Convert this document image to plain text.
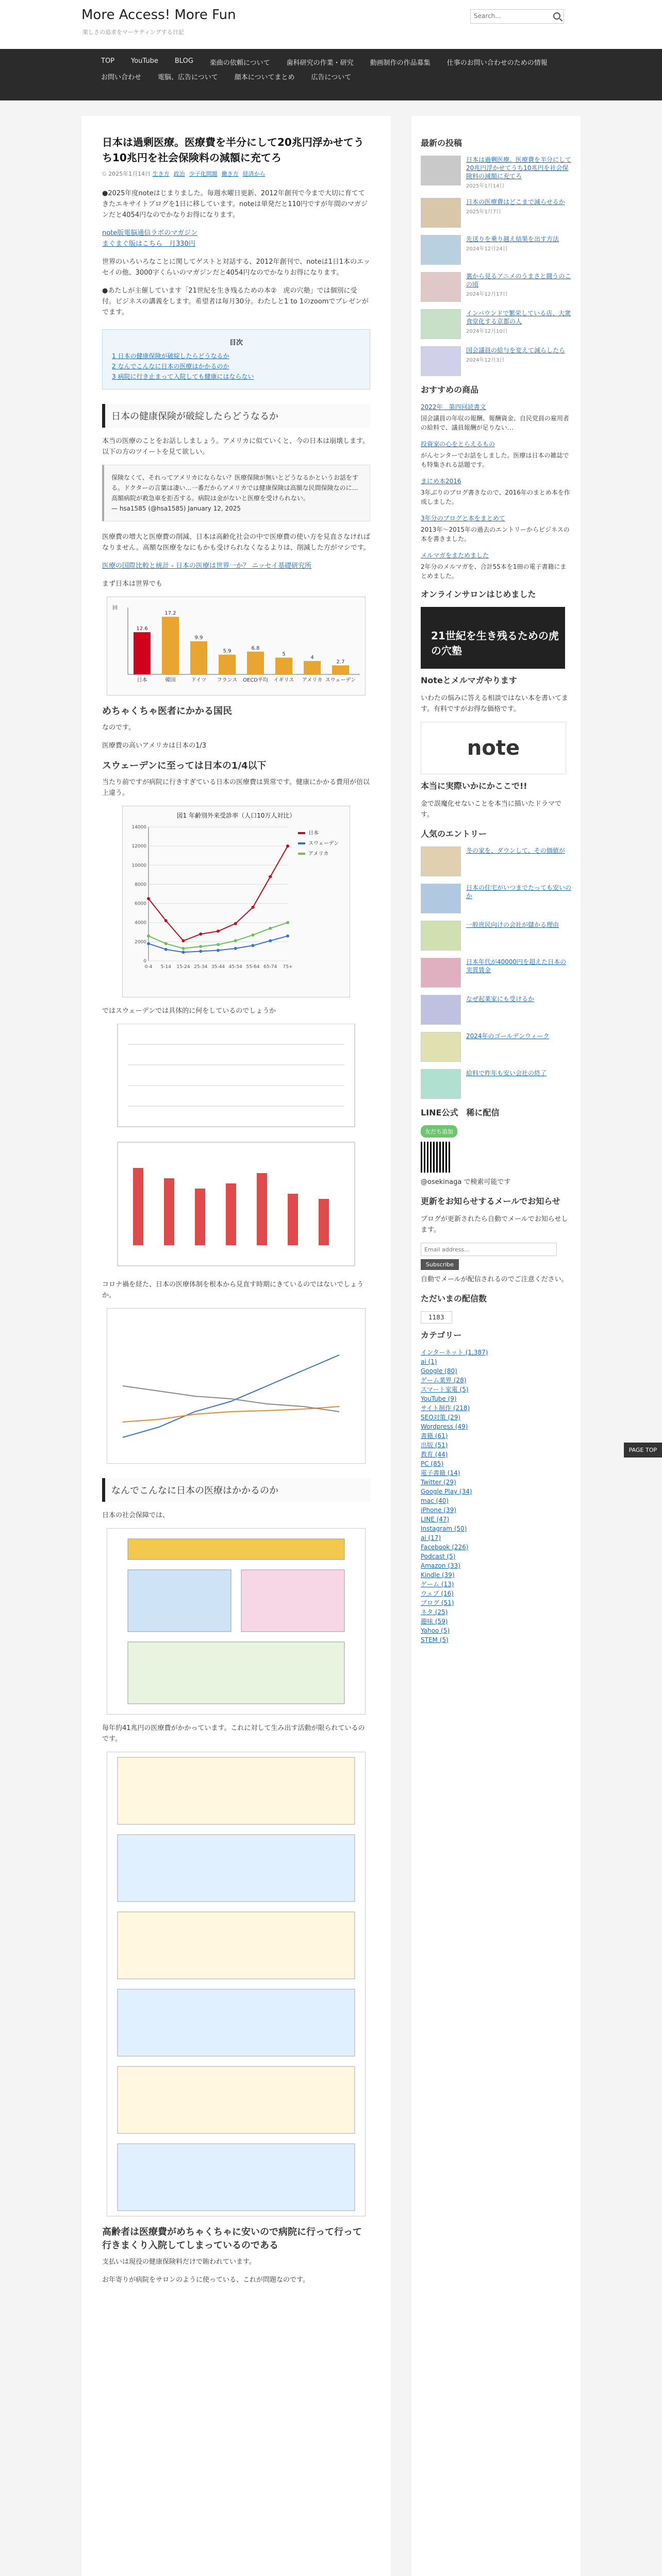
More Access! More Fun
楽しさの追求をマーケティングする日記
Search...
TOP	YouTube	BLOG	楽曲の依頼について	歯科研究の作業・研究	動画制作の作品募集	仕事のお問い合わせのための情報
お問い合わせ	電脳、広告について	顔本についてまとめ	広告について
日本は過剰医療。医療費を半分にして20兆円浮かせてうち10兆円を社会保険料の減額に充てろ
⏲ 2025年1月14日 生き方 政治 少子化問題 働き方 経済から

●2025年度noteはじまりました。毎週水曜日更新、2012年創刊で今まで大切に育ててきたエキサイトブログを1日に移しています。noteは単発だと110円ですが年間のマガジンだと4054円なのでかなりお得になります。

note版電脳通信ラボのマガジン
まぐまぐ版はこちら　月330円

世界のいろいろなことに関してゲストと対話する、2012年創刊で、noteは1日1本のエッセイの他、3000字くらいのマガジンだと4054円なのでかなりお得になります。

●あたしが主催しています「21世紀を生き残るための本②　虎の穴塾」では個別に受付。ビジネスの講義をします。希望者は毎月30分。わたしと1 to 1のzoomでプレゼンがでます。

目次
1 日本の健康保険が破綻したらどうなるか
2 なんでこんなに日本の医療はかかるのか
3 病院に行き止まって入院しても健康にはならない
日本の健康保険が破綻したらどうなるか

本当の医療のことをお話ししましょう。アメリカに似ていくと、今の日本は崩壊します。以下の方のツイートを見て欲しい。

保険なくて、それってアメリカにならない？医療保険が無いとどうなるかというお話をする。ドクターの言葉は凄い…一番だからアメリカでは健康保険は高額な民間保険なのに…高額病院が救急車を拒否する。病院は金がないと医療を受けられない。
— hsa1585 (@hsa1585) January 12, 2025

医療費の増大と医療費の削減、日本は高齢化社会の中で医療費の使い方を見直さなければなりません。高額な医療をなにもかも受けられなくなるよりは、削減した方がマシです。

医療の国際比較と統計 - 日本の医療は世界一か？ ニッセイ基礎研究所

まず日本は世界でも

日本
12.6
韓国
17.2
ドイツ
9.9
フランス
5.9
OECD平均
6.8
イギリス
5
アメリカ
4
スウェーデン
2.7
回
めちゃくちゃ医者にかかる国民

なのです。

医療費の高いアメリカは日本の1/3

スウェーデンに至っては日本の1/4以下

当たり前ですが病院に行きすぎている日本の医療費は異常です。健康にかかる費用が倍以上違う。

図1 年齢別外来受診率（人口10万人対比）
0
2000
4000
6000
8000
10000
12000
14000
0-4 5-14 15-24 25-34 35-44 45-54 55-64 65-74 75+
日本
スウェーデン
アメリカ

ではスウェーデンでは具体的に何をしているのでしょうか

コロナ禍を経た、日本の医療体制を根本から見直す時期にきているのではないでしょうか。

なんでこんなに日本の医療はかかるのか

日本の社会保障では、

毎年約41兆円の医療費がかかっています。これに対して生み出す活動が限られているのです。

高齢者は医療費がめちゃくちゃに安いので病院に行って行って行きまくり入院してしまっているのである

支払いは現役の健康保険料だけで賄われています。

お年寄りが病院をサロンのように使っている、これが問題なのです。

最新の投稿
日本は過剰医療。医療費を半分にして20兆円浮かせてうち10兆円を社会保険料の減額に充てろ
2025年1月14日
日本の医療費はどこまで減らせるか
2025年1月7日
先送りを乗り越え結果を出す方法
2024年12月24日
裏から見るアニメのうまさと闘うのこの頃
2024年12月17日
インバウンドで繁栄している店、大衆食堂化する京都の人
2024年12月10日
国会議員の給与を変えて減らしたら
2024年12月3日
おすすめの商品
2022年　第四回読書文
国会議員の年収の報酬、報酬資金、自民党員の雇用者の給料で、議員報酬が足りない…
投資家の心をとらえるもの
がんセンターでお話をしました。医療は日本の雑誌でも特集される話題です。
まにめ本2016
3年ぶりのブログ書きなので、2016年のまとめ本を作成しました。
3年分のブログと本をまとめて
2013年〜2015年の過去のエントリーからビジネスの本を書きました。
メルマガをまためました
2年分のメルマガを、合計55本を1冊の電子書籍にまとめました。
オンラインサロンはじめました
21世紀を生き残るための虎の穴塾
Noteとメルマガやります

いわたの悩みに答える相談ではない本を書いてます。有料ですがお得な価格です。

note
本当に実際いかにかここで!!

金で誤魔化せないことを本当に描いたドラマです。

人気のエントリー
冬の家を、ダウンして、その価値が
日本の住宅がいつまでたっても安いのか
一般庶民向けの会社が儲かる理由
日本年代が40000円を超えた日本の実質賃金
なぜ起業家にも受けるか
2024年のゴールデンウィーク
給料で昨年も安い会社の終了
LINE公式　稀に配信
友だち追加

@osekinaga で検索可能です

更新をお知らせするメールでお知らせ

ブログが更新されたら自動でメールでお知らせします。

Email address... Subscribe

自動でメールが配信されるのでご注意ください。

ただいまの配信数
1183
カテゴリー
インターネット (1,387)
ai (1)
Google (80)
ゲーム業界 (28)
スマート家電 (5)
YouTube (9)
サイト制作 (218)
SEO対策 (29)
Wordpress (49)
書籍 (61)
出版 (51)
教育 (44)
PC (85)
電子書籍 (14)
Twitter (29)
Google Play (34)
mac (40)
iPhone (39)
LINE (47)
Instagram (50)
ai (17)
Facebook (226)
Podcast (5)
Amazon (33)
Kindle (39)
ゲーム (13)
ウェブ (16)
ブログ (51)
ネタ (25)
趣味 (59)
Yahoo (5)
STEM (5)
PAGE TOP
